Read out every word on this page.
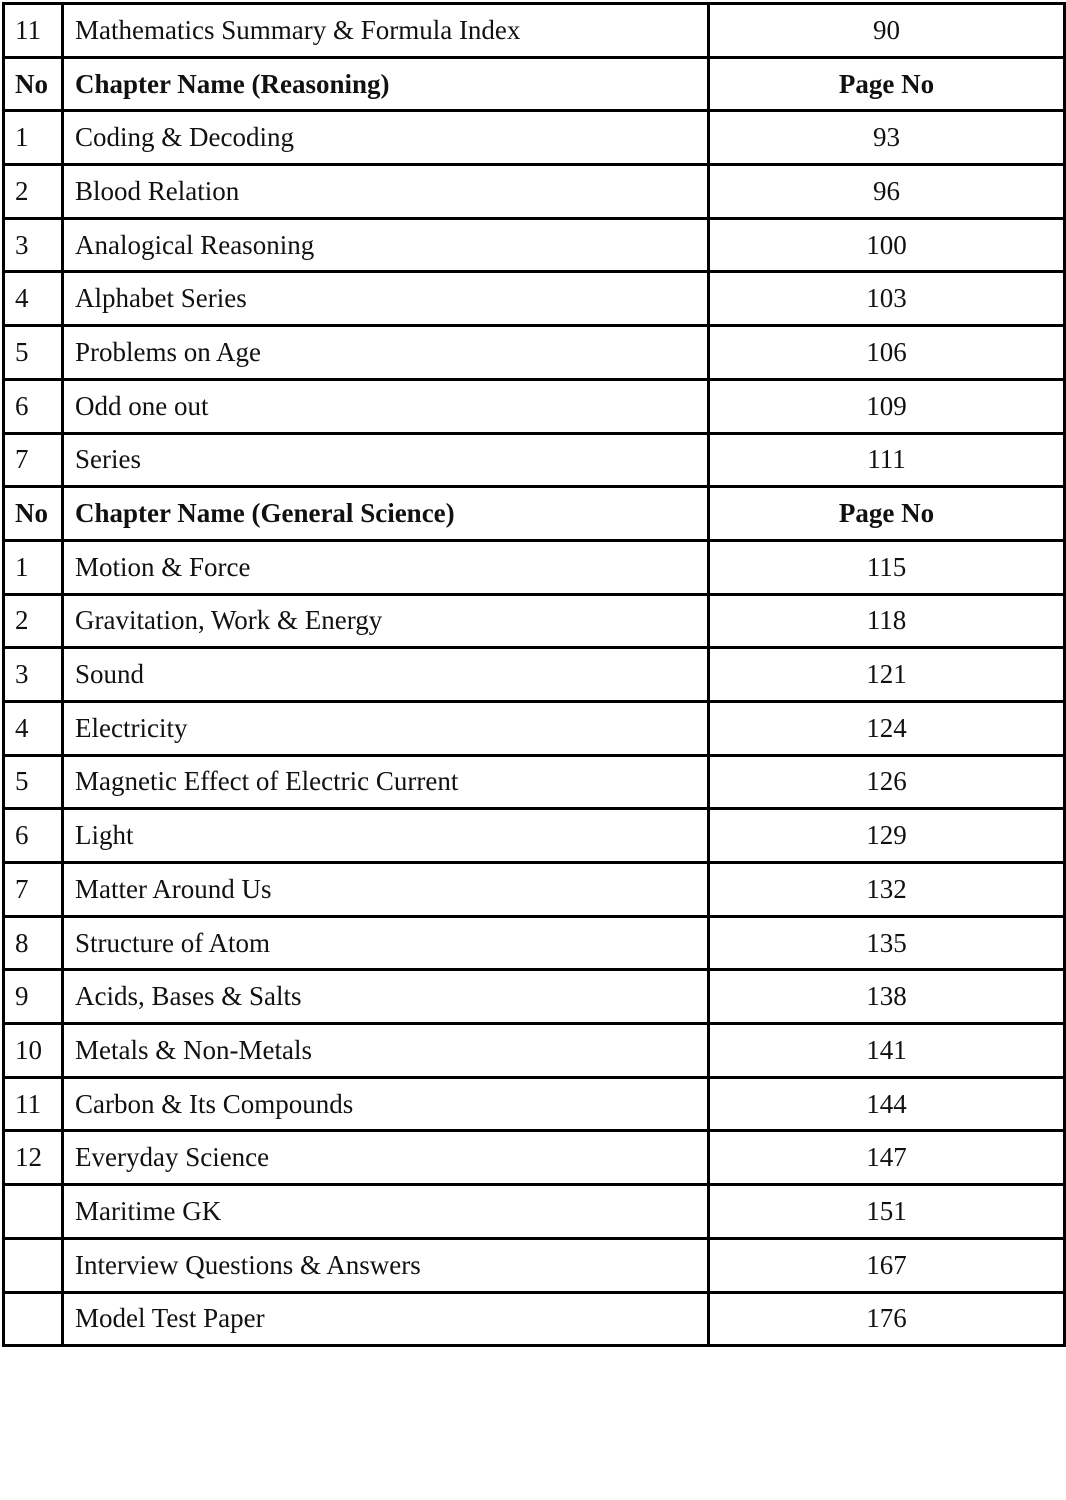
11	Mathematics Summary & Formula Index	90
No	Chapter Name (Reasoning)	Page No
1	Coding & Decoding	93
2	Blood Relation	96
3	Analogical Reasoning	100
4	Alphabet Series	103
5	Problems on Age	106
6	Odd one out	109
7	Series	111
No	Chapter Name (General Science)	Page No
1	Motion & Force	115
2	Gravitation, Work & Energy	118
3	Sound	121
4	Electricity	124
5	Magnetic Effect of Electric Current	126
6	Light	129
7	Matter Around Us	132
8	Structure of Atom	135
9	Acids, Bases & Salts	138
10	Metals & Non-Metals	141
11	Carbon & Its Compounds	144
12	Everyday Science	147
	Maritime GK	151
	Interview Questions & Answers	167
	Model Test Paper	176
